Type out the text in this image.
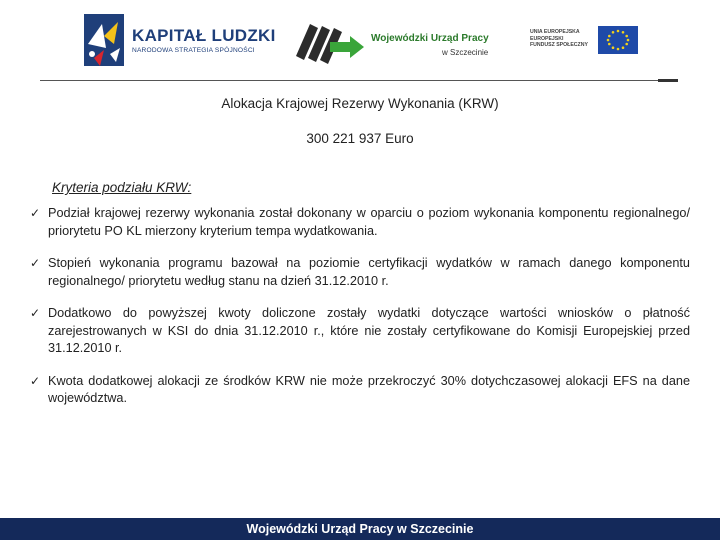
KAPITAŁ LUDZKI
NARODOWA STRATEGIA SPÓJNOŚCI
Wojewódzki Urząd Pracy
w Szczecinie
UNIA EUROPEJSKA
EUROPEJSKI
FUNDUSZ SPOŁECZNY
Alokacja Krajowej Rezerwy Wykonania (KRW)
300 221 937 Euro
Kryteria podziału KRW:
✓ Podział krajowej rezerwy wykonania został dokonany w oparciu o poziom wykonania komponentu regionalnego/ priorytetu PO KL mierzony kryterium tempa wydatkowania.
✓ Stopień wykonania programu bazował na poziomie certyfikacji wydatków w ramach danego komponentu regionalnego/ priorytetu według stanu na dzień 31.12.2010 r.
✓ Dodatkowo do powyższej kwoty doliczone zostały wydatki dotyczące wartości wniosków o płatność zarejestrowanych w KSI do dnia 31.12.2010 r., które nie zostały certyfikowane do Komisji Europejskiej przed 31.12.2010 r.
✓ Kwota dodatkowej alokacji ze środków KRW nie może przekroczyć 30% dotychczasowej alokacji EFS na dane województwa.
Wojewódzki Urząd Pracy w Szczecinie
